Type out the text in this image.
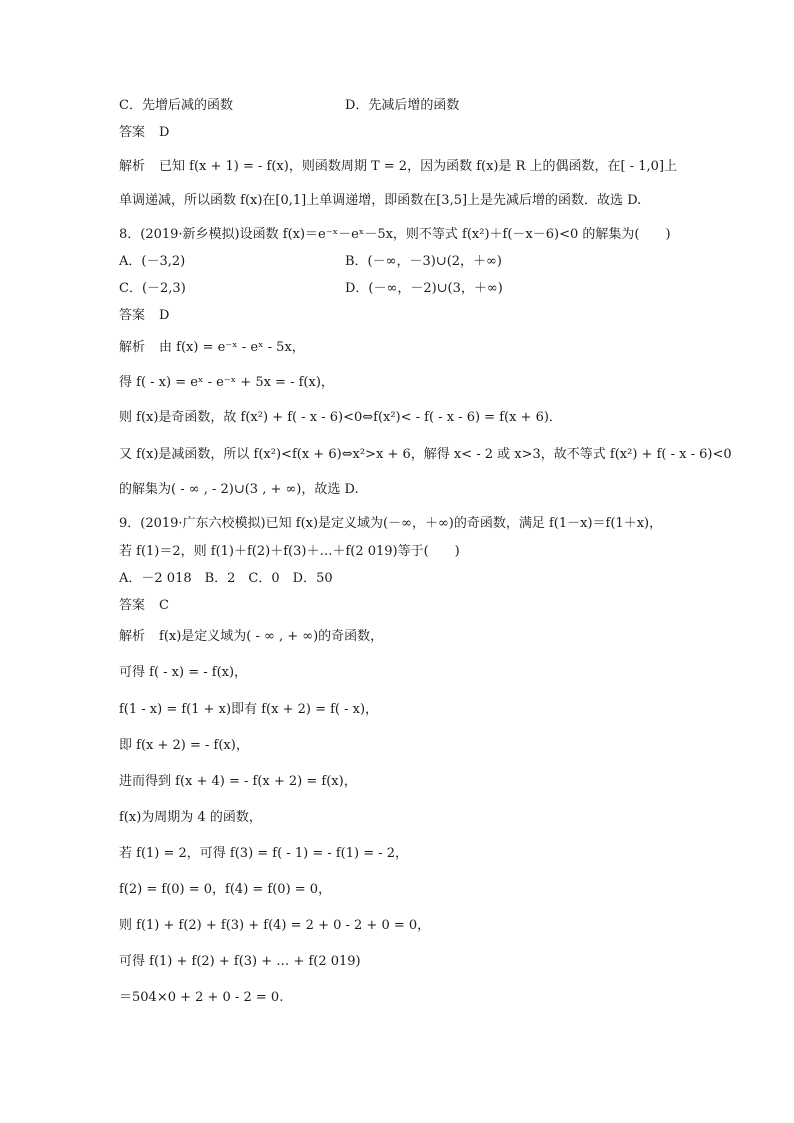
C．先增后减的函数	D．先减后增的函数
答案 D
解析 已知 f(x + 1) = - f(x)，则函数周期 T = 2，因为函数 f(x)是 R 上的偶函数，在[ - 1,0]上
单调递减，所以函数 f(x)在[0,1]上单调递增，即函数在[3,5]上是先减后增的函数．故选 D.
8．(2019·新乡模拟)设函数 f(x)＝e⁻ˣ－eˣ－5x，则不等式 f(x²)＋f(－x－6)<0 的解集为(　　)
A．(－3,2)	B．(－∞，－3)∪(2，＋∞)
C．(－2,3)	D．(－∞，－2)∪(3，＋∞)
答案 D
解析 由 f(x) = e⁻ˣ - eˣ - 5x，
得 f( - x) = eˣ - e⁻ˣ + 5x = - f(x)，
则 f(x)是奇函数，故 f(x²) + f( - x - 6)<0⇔f(x²)< - f( - x - 6) = f(x + 6)．
又 f(x)是减函数，所以 f(x²)<f(x + 6)⇔x²>x + 6，解得 x< - 2 或 x>3，故不等式 f(x²) + f( - x - 6)<0
的解集为( - ∞ , - 2)∪(3 , + ∞)，故选 D.
9．(2019·广东六校模拟)已知 f(x)是定义域为(－∞，＋∞)的奇函数，满足 f(1－x)＝f(1＋x)，
若 f(1)＝2，则 f(1)＋f(2)＋f(3)＋…＋f(2 019)等于(　　)
A．－2 018　B．2　C．0　D．50
答案 C
解析 f(x)是定义域为( - ∞ , + ∞)的奇函数，
可得 f( - x) = - f(x)，
f(1 - x) = f(1 + x)即有 f(x + 2) = f( - x)，
即 f(x + 2) = - f(x)，
进而得到 f(x + 4) = - f(x + 2) = f(x)，
f(x)为周期为 4 的函数，
若 f(1) = 2，可得 f(3) = f( - 1) = - f(1) = - 2，
f(2) = f(0) = 0，f(4) = f(0) = 0，
则 f(1) + f(2) + f(3) + f(4) = 2 + 0 - 2 + 0 = 0，
可得 f(1) + f(2) + f(3) + … + f(2 019)
＝504×0 + 2 + 0 - 2 = 0.
